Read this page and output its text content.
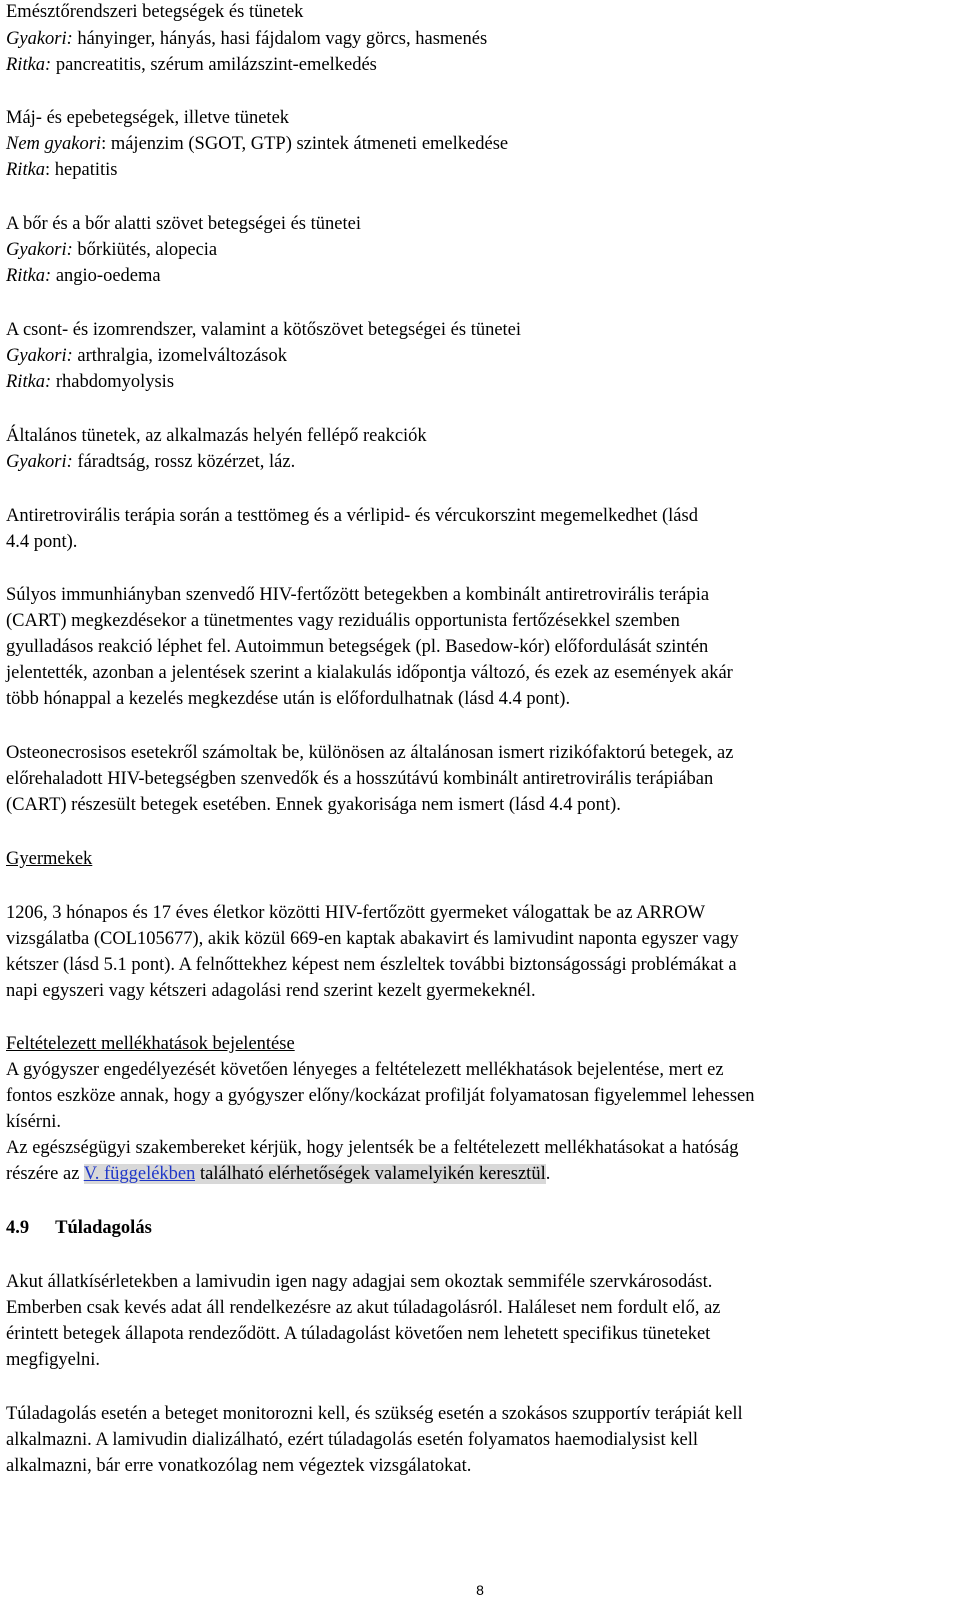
Emésztőrendszeri betegségek és tünetek
Gyakori: hányinger, hányás, hasi fájdalom vagy görcs, hasmenés
Ritka: pancreatitis, szérum amilázszint-emelkedés
Máj- és epebetegségek, illetve tünetek
Nem gyakori: májenzim (SGOT, GTP) szintek átmeneti emelkedése
Ritka: hepatitis
A bőr és a bőr alatti szövet betegségei és tünetei
Gyakori: bőrkiütés, alopecia
Ritka: angio-oedema
A csont- és izomrendszer, valamint a kötőszövet betegségei és tünetei
Gyakori: arthralgia, izomelváltozások
Ritka: rhabdomyolysis
Általános tünetek, az alkalmazás helyén fellépő reakciók
Gyakori: fáradtság, rossz közérzet, láz.
Antiretrovirális terápia során a testtömeg és a vérlipid- és vércukorszint megemelkedhet (lásd
4.4 pont).
Súlyos immunhiányban szenvedő HIV-fertőzött betegekben a kombinált antiretrovirális terápia
(CART) megkezdésekor a tünetmentes vagy reziduális opportunista fertőzésekkel szemben
gyulladásos reakció léphet fel. Autoimmun betegségek (pl. Basedow-kór) előfordulását szintén
jelentették, azonban a jelentések szerint a kialakulás időpontja változó, és ezek az események akár
több hónappal a kezelés megkezdése után is előfordulhatnak (lásd 4.4 pont).
Osteonecrosisos esetekről számoltak be, különösen az általánosan ismert rizikófaktorú betegek, az
előrehaladott HIV-betegségben szenvedők és a hosszútávú kombinált antiretrovirális terápiában
(CART) részesült betegek esetében. Ennek gyakorisága nem ismert (lásd 4.4 pont).
Gyermekek
1206, 3 hónapos és 17 éves életkor közötti HIV-fertőzött gyermeket válogattak be az ARROW
vizsgálatba (COL105677), akik közül 669-en kaptak abakavirt és lamivudint naponta egyszer vagy
kétszer (lásd 5.1 pont). A felnőttekhez képest nem észleltek további biztonságossági problémákat a
napi egyszeri vagy kétszeri adagolási rend szerint kezelt gyermekeknél.
Feltételezett mellékhatások bejelentése
A gyógyszer engedélyezését követően lényeges a feltételezett mellékhatások bejelentése, mert ez
fontos eszköze annak, hogy a gyógyszer előny/kockázat profilját folyamatosan figyelemmel lehessen
kísérni.
Az egészségügyi szakembereket kérjük, hogy jelentsék be a feltételezett mellékhatásokat a hatóság
részére az V. függelékben található elérhetőségek valamelyikén keresztül.
4.9 Túladagolás
Akut állatkísérletekben a lamivudin igen nagy adagjai sem okoztak semmiféle szervkárosodást.
Emberben csak kevés adat áll rendelkezésre az akut túladagolásról. Haláleset nem fordult elő, az
érintett betegek állapota rendeződött. A túladagolást követően nem lehetett specifikus tüneteket
megfigyelni.
Túladagolás esetén a beteget monitorozni kell, és szükség esetén a szokásos szupportív terápiát kell
alkalmazni. A lamivudin dializálható, ezért túladagolás esetén folyamatos haemodialysist kell
alkalmazni, bár erre vonatkozólag nem végeztek vizsgálatokat.
8
